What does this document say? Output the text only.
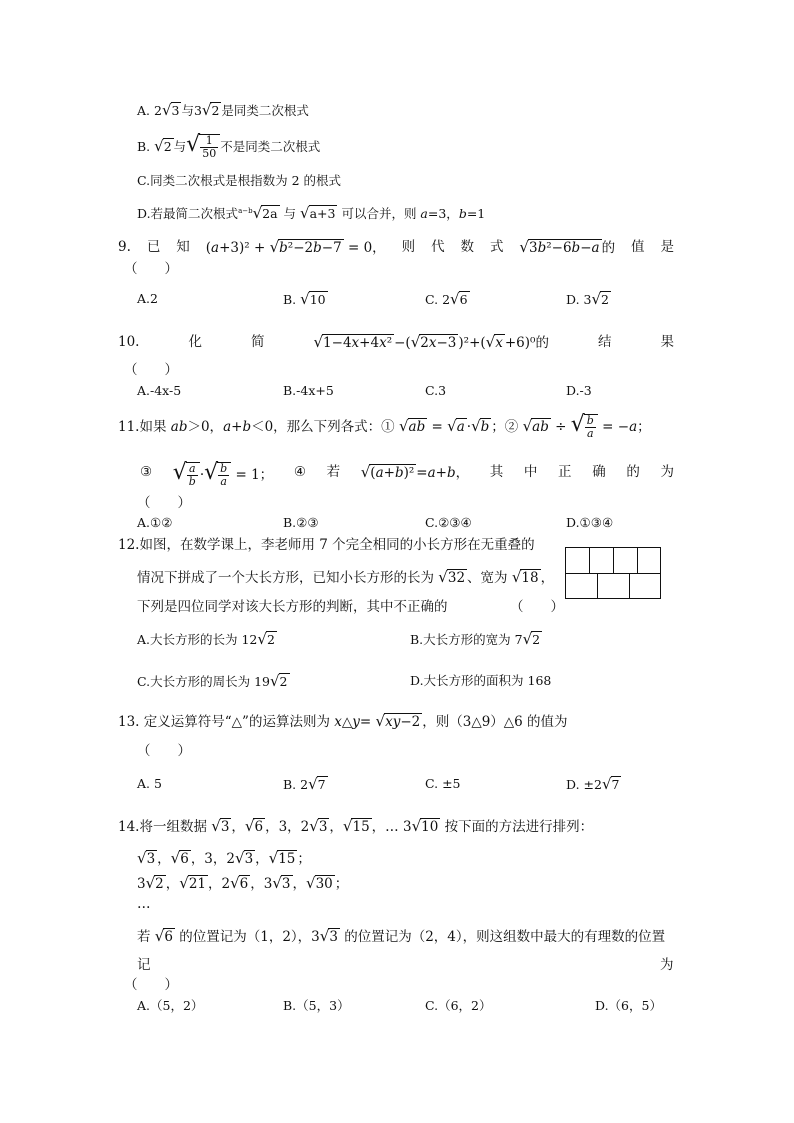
A. 2√3 与3√2 是同类二次根式
B. √2 与√ $\frac{1}{50}$ 不是同类二次根式
C.同类二次根式是根指数为 2 的根式
D.若最简二次根式$^{a-b}$√2a 与 √a+3 可以合并，则 a=3，b=1
9. 已 知 (a+3)² + √b²−2b−7 = 0， 则 代 数 式 √3b²−6b−a 的 值 是
（　　）
A.2	B. √10	C. 2√6	D. 3√2
10.	化	简	√1−4x+4x² −(√2x−3 )²+(√x +6)⁰的	结	果
（　　）
A.-4x-5	B.-4x+5	C.3	D.-3
11.如果 ab＞0，a+b＜0，那么下列各式：① √ab = √a ·√b ；② √ab ÷ √ $\frac{b}{a} = -a$；
③ √ $\frac{a}{b}$ ·√ $\frac{b}{a} = 1$； ④ 若 √(a+b)² =a+b， 其 中 正 确 的 为
（　　）
A.①②	B.②③	C.②③④	D.①③④
12.如图，在数学课上，李老师用 7 个完全相同的小长方形在无重叠的
情况下拼成了一个大长方形，已知小长方形的长为 √32 、宽为 √18 ，
下列是四位同学对该大长方形的判断，其中不正确的	（　　）
A.大长方形的长为 12√2	B.大长方形的宽为 7√2
C.大长方形的周长为 19√2	D.大长方形的面积为 168
13. 定义运算符号“△”的运算法则为 x△y= √xy−2 ，则（3△9）△6 的值为
（　　）
A. 5	B. 2√7	C. ±5	D. ±2√7
14.将一组数据 √3 ，√6 ，3，2√3 ，√15 ，… 3√10 按下面的方法进行排列：
√3 ，√6 ，3，2√3 ，√15 ；
3√2 ，√21 ，2√6 ，3√3 ，√30 ；
…
若 √6 的位置记为（1，2），3√3 的位置记为（2，4），则这组数中最大的有理数的位置
记	为
（　　）
A.（5，2）	B.（5，3）	C.（6，2）	D.（6，5）
